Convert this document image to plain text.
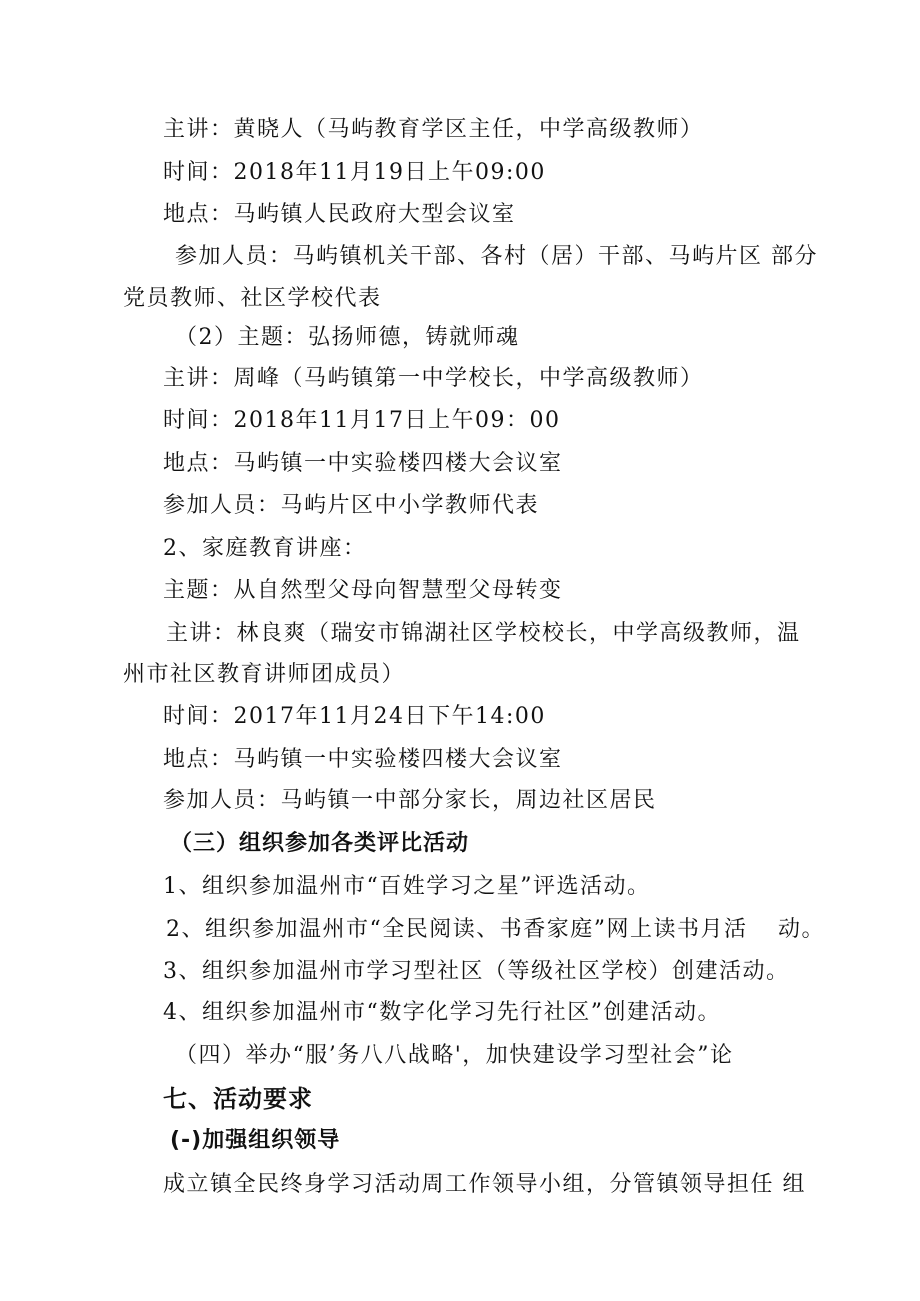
主讲：黄晓人（马屿教育学区主任，中学高级教师）
时间：2018年11月19日上午09:00
地点：马屿镇人民政府大型会议室
参加人员：马屿镇机关干部、各村（居）干部、马屿片区 部分
党员教师、社区学校代表
（2）主题：弘扬师德，铸就师魂
主讲：周峰（马屿镇第一中学校长，中学高级教师）
时间：2018年11月17日上午09：00
地点：马屿镇一中实验楼四楼大会议室
参加人员：马屿片区中小学教师代表
2、家庭教育讲座：
主题：从自然型父母向智慧型父母转变
主讲：林良爽（瑞安市锦湖社区学校校长，中学高级教师， 温
州市社区教育讲师团成员）
时间：2017年11月24日下午14:00
地点：马屿镇一中实验楼四楼大会议室
参加人员：马屿镇一中部分家长，周边社区居民
（三）组织参加各类评比活动
1、组织参加温州市“百姓学习之星”评选活动。
2、组织参加温州市“全民阅读、书香家庭”网上读书月活 动。
3、组织参加温州市学习型社区（等级社区学校）创建活动。
4、组织参加温州市“数字化学习先行社区”创建活动。
（四）举办“服’务八八战略'，加快建设学习型社会”论
七、活动要求
(-)加强组织领导
成立镇全民终身学习活动周工作领导小组，分管镇领导担任 组
